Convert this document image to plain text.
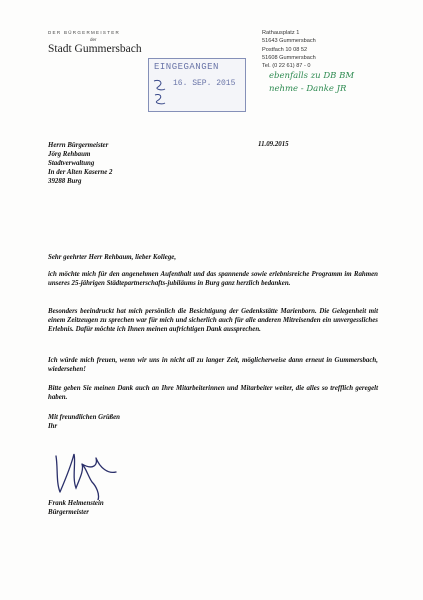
DER BÜRGERMEISTER
der
Stadt Gummersbach
Rathausplatz 1
51643 Gummersbach
Postfach 10 08 52
51608 Gummersbach
Tel. (0 22 61) 87 - 0
EINGEGANGEN
16. SEP. 2015
ebenfalls zu DB BM
nehme - Danke JR
Herrn Bürgermeister
Jörg Rehbaum
Stadtverwaltung
In der Alten Kaserne 2
39288 Burg
11.09.2015
Sehr geehrter Herr Rehbaum, lieber Kollege,

ich möchte mich für den angenehmen Aufenthalt und das spannende sowie erlebnisreiche Programm im Rahmen unseres 25-jährigen Städtepartnerschafts-jubiläums in Burg ganz herzlich bedanken.

Besonders beeindruckt hat mich persönlich die Besichtigung der Gedenkstätte Marienborn. Die Gelegenheit mit einem Zeitzeugen zu sprechen war für mich und sicherlich auch für alle anderen Mitreisenden ein unvergessliches Erlebnis. Dafür möchte ich Ihnen meinen aufrichtigen Dank aussprechen.

Ich würde mich freuen, wenn wir uns in nicht all zu langer Zeit, möglicherweise dann erneut in Gummersbach, wiedersehen!

Bitte geben Sie meinen Dank auch an Ihre Mitarbeiterinnen und Mitarbeiter weiter, die alles so trefflich geregelt haben.

Mit freundlichen Grüßen
Ihr
Frank Helmenstein
Bürgermeister
